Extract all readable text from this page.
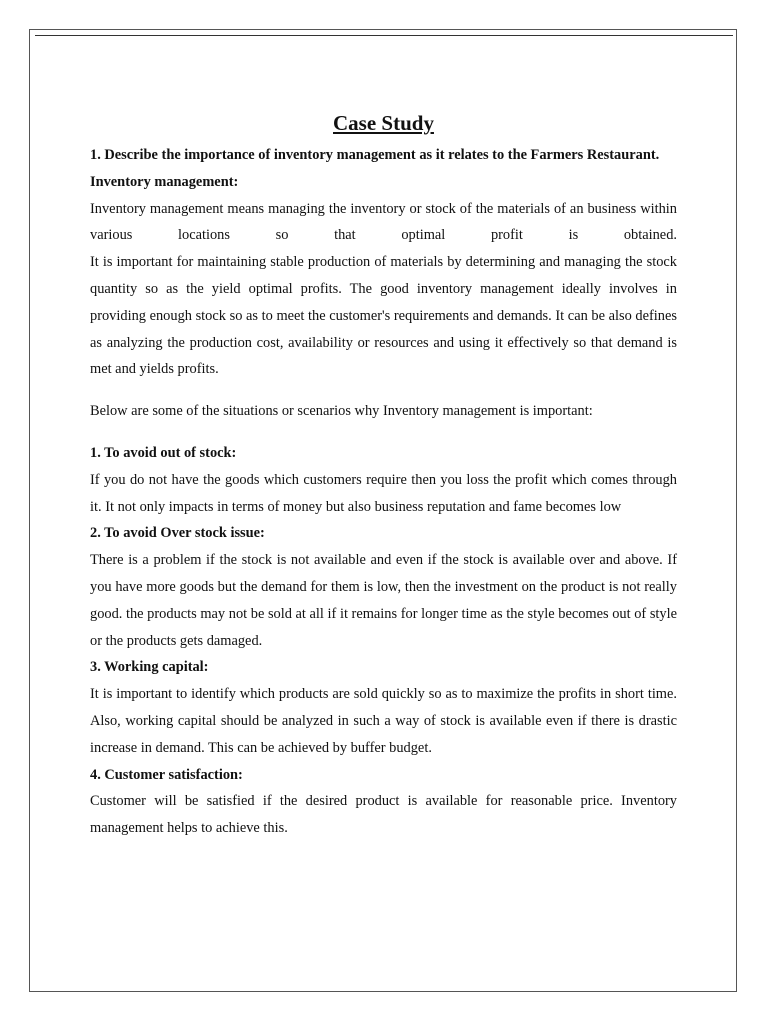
Case Study

1. Describe the importance of inventory management as it relates to the Farmers Restaurant.

Inventory management:

Inventory management means managing the inventory or stock of the materials of an business within various locations so that optimal profit is obtained.

It is important for maintaining stable production of materials by determining and managing the stock quantity so as the yield optimal profits. The good inventory management ideally involves in providing enough stock so as to meet the customer's requirements and demands. It can be also defines as analyzing the production cost, availability or resources and using it effectively so that demand is met and yields profits.

Below are some of the situations or scenarios why Inventory management is important:

1. To avoid out of stock:

If you do not have the goods which customers require then you loss the profit which comes through it. It not only impacts in terms of money but also business reputation and fame becomes low

2. To avoid Over stock issue:

There is a problem if the stock is not available and even if the stock is available over and above. If you have more goods but the demand for them is low, then the investment on the product is not really good. the products may not be sold at all if it remains for longer time as the style becomes out of style or the products gets damaged.

3. Working capital:

It is important to identify which products are sold quickly so as to maximize the profits in short time. Also, working capital should be analyzed in such a way of stock is available even if there is drastic increase in demand. This can be achieved by buffer budget.

4. Customer satisfaction:

Customer will be satisfied if the desired product is available for reasonable price. Inventory management helps to achieve this.
